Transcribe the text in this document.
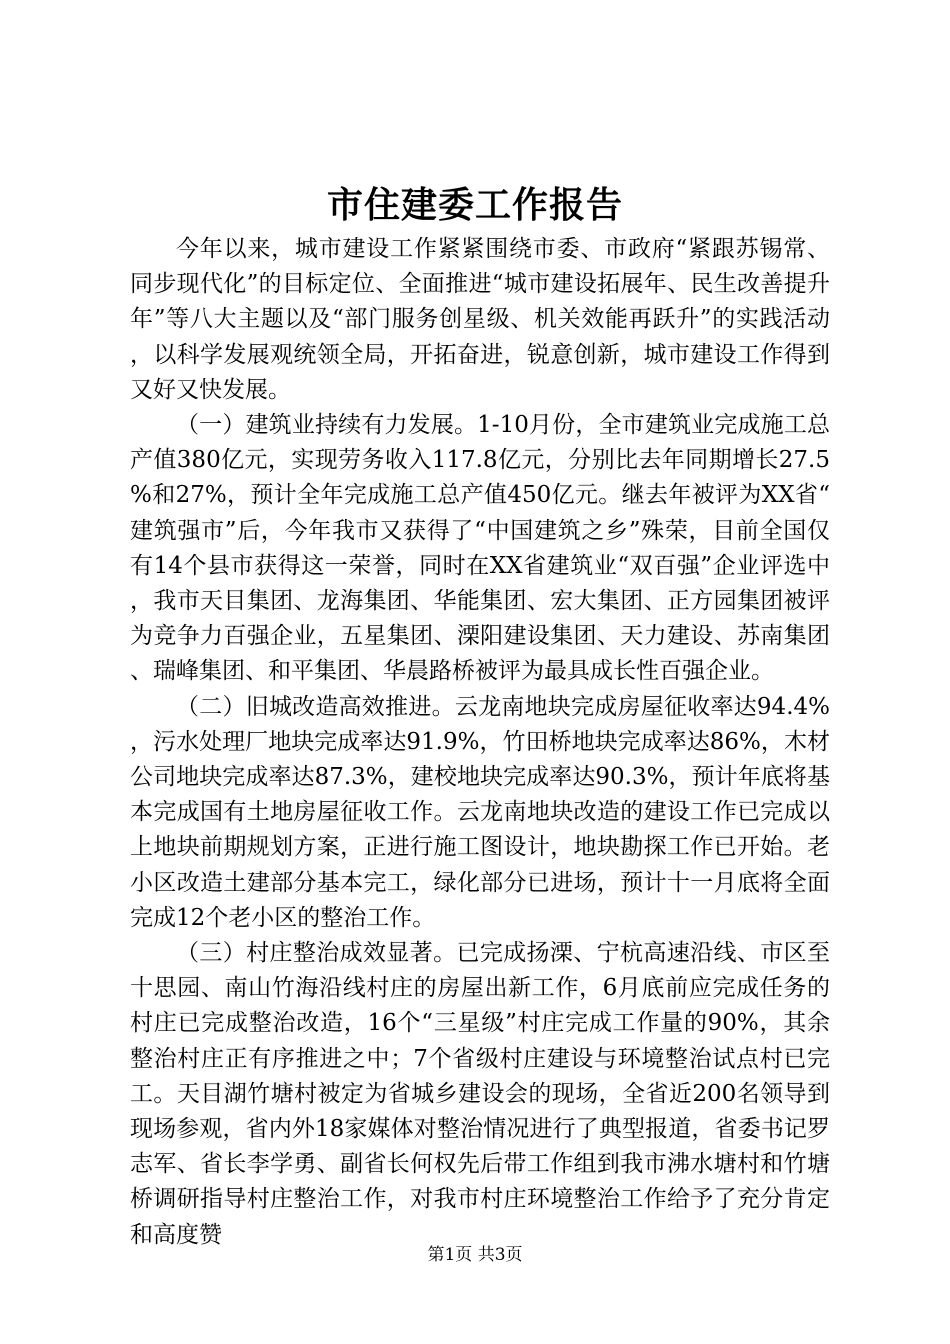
市住建委工作报告

今年以来，城市建设工作紧紧围绕市委、市政府“紧跟苏锡常、同步现代化”的目标定位、全面推进“城市建设拓展年、民生改善提升年”等八大主题以及“部门服务创星级、机关效能再跃升”的实践活动，以科学发展观统领全局，开拓奋进，锐意创新，城市建设工作得到又好又快发展。

（一）建筑业持续有力发展。1-10月份，全市建筑业完成施工总产值380亿元，实现劳务收入117.8亿元，分别比去年同期增长27.5%和27%，预计全年完成施工总产值450亿元。继去年被评为XX省“建筑强市”后，今年我市又获得了“中国建筑之乡”殊荣，目前全国仅有14个县市获得这一荣誉，同时在XX省建筑业“双百强”企业评选中，我市天目集团、龙海集团、华能集团、宏大集团、正方园集团被评为竞争力百强企业，五星集团、溧阳建设集团、天力建设、苏南集团、瑞峰集团、和平集团、华晨路桥被评为最具成长性百强企业。

（二）旧城改造高效推进。云龙南地块完成房屋征收率达94.4%，污水处理厂地块完成率达91.9%，竹田桥地块完成率达86%，木材公司地块完成率达87.3%，建校地块完成率达90.3%，预计年底将基本完成国有土地房屋征收工作。云龙南地块改造的建设工作已完成以上地块前期规划方案，正进行施工图设计，地块勘探工作已开始。老小区改造土建部分基本完工，绿化部分已进场，预计十一月底将全面完成12个老小区的整治工作。

（三）村庄整治成效显著。已完成扬溧、宁杭高速沿线、市区至十思园、南山竹海沿线村庄的房屋出新工作，6月底前应完成任务的村庄已完成整治改造，16个“三星级”村庄完成工作量的90%，其余整治村庄正有序推进之中；7个省级村庄建设与环境整治试点村已完工。天目湖竹塘村被定为省城乡建设会的现场，全省近200名领导到现场参观，省内外18家媒体对整治情况进行了典型报道，省委书记罗志军、省长李学勇、副省长何权先后带工作组到我市沸水塘村和竹塘桥调研指导村庄整治工作，对我市村庄环境整治工作给予了充分肯定和高度赞

第1页 共3页
